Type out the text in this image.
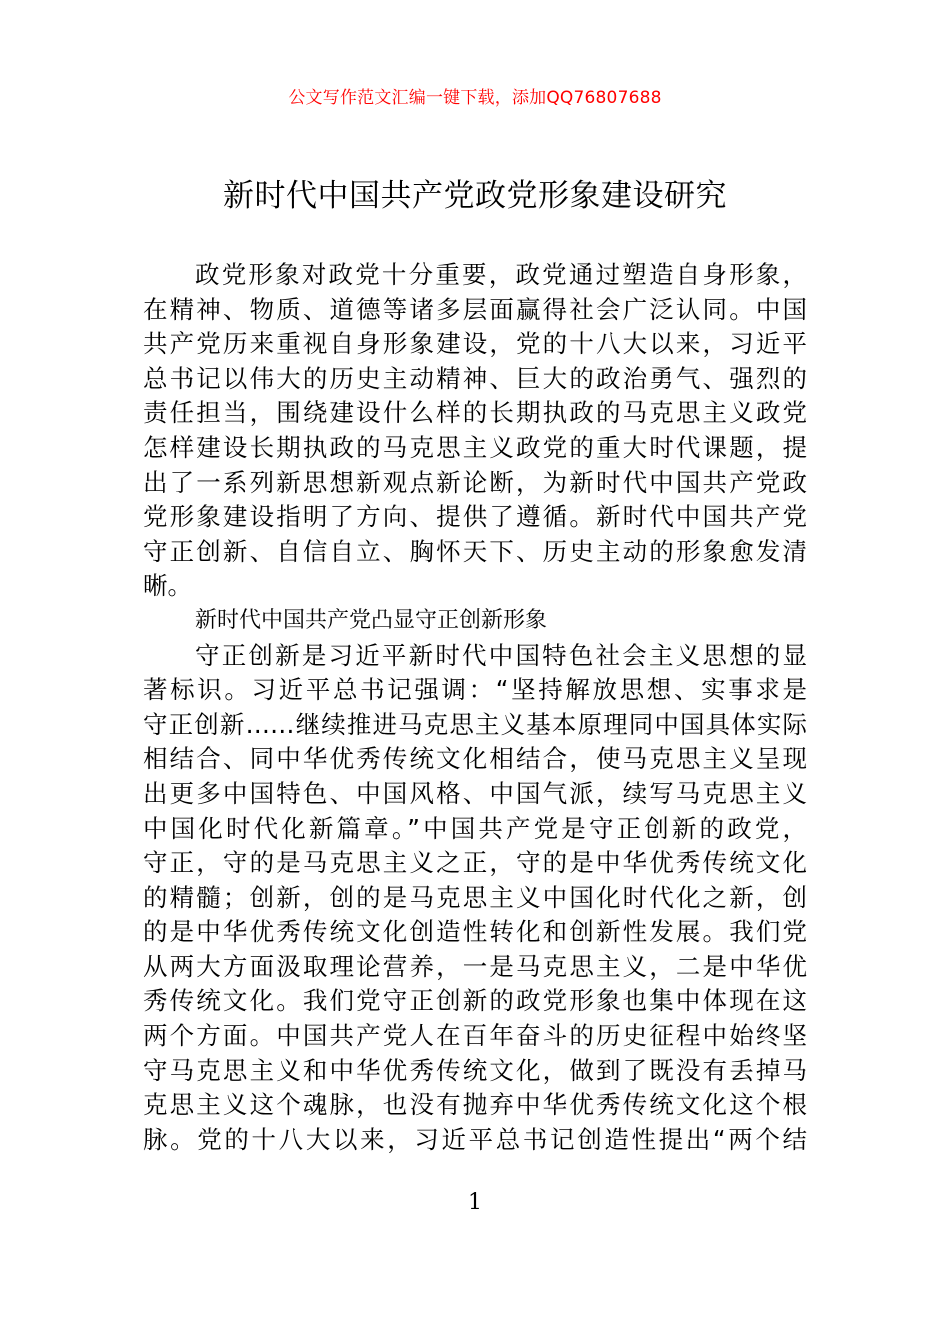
公文写作范文汇编一键下载，添加QQ76807688
新时代中国共产党政党形象建设研究
政党形象对政党十分重要，政党通过塑造自身形象，
在精神、物质、道德等诸多层面赢得社会广泛认同。中国
共产党历来重视自身形象建设，党的十八大以来，习近平
总书记以伟大的历史主动精神、巨大的政治勇气、强烈的
责任担当，围绕建设什么样的长期执政的马克思主义政党
怎样建设长期执政的马克思主义政党的重大时代课题，提
出了一系列新思想新观点新论断，为新时代中国共产党政
党形象建设指明了方向、提供了遵循。新时代中国共产党
守正创新、自信自立、胸怀天下、历史主动的形象愈发清
晰。
新时代中国共产党凸显守正创新形象
守正创新是习近平新时代中国特色社会主义思想的显
著标识。习近平总书记强调：“坚持解放思想、实事求是
守正创新……继续推进马克思主义基本原理同中国具体实际
相结合、同中华优秀传统文化相结合，使马克思主义呈现
出更多中国特色、中国风格、中国气派，续写马克思主义
中国化时代化新篇章。”中国共产党是守正创新的政党，
守正，守的是马克思主义之正，守的是中华优秀传统文化
的精髓；创新，创的是马克思主义中国化时代化之新，创
的是中华优秀传统文化创造性转化和创新性发展。我们党
从两大方面汲取理论营养，一是马克思主义，二是中华优
秀传统文化。我们党守正创新的政党形象也集中体现在这
两个方面。中国共产党人在百年奋斗的历史征程中始终坚
守马克思主义和中华优秀传统文化，做到了既没有丢掉马
克思主义这个魂脉，也没有抛弃中华优秀传统文化这个根
脉。党的十八大以来，习近平总书记创造性提出“两个结
1
